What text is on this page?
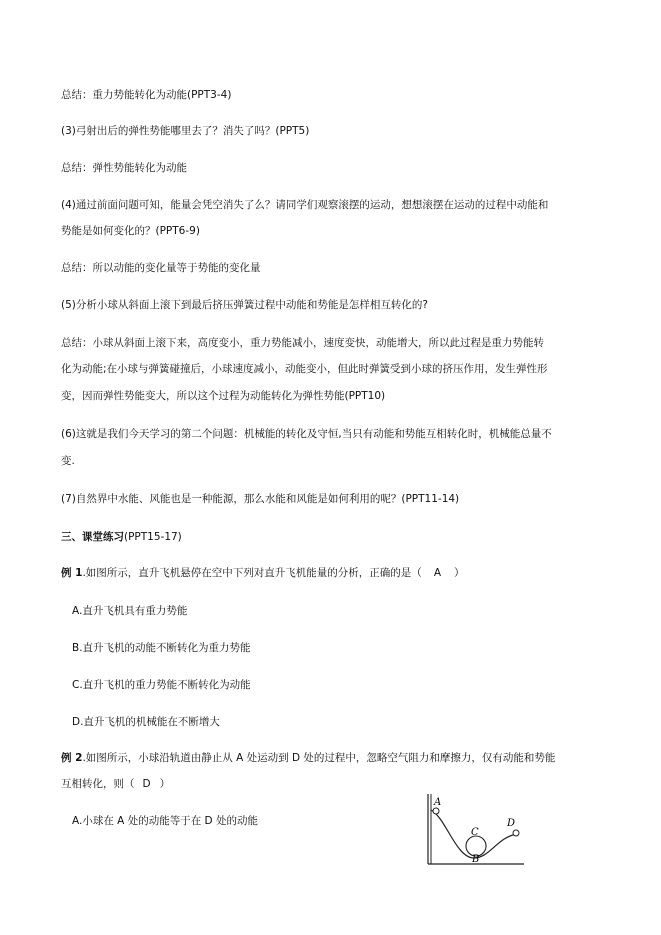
总结：重力势能转化为动能(PPT3-4)
(3)弓射出后的弹性势能哪里去了？消失了吗？(PPT5)
总结：弹性势能转化为动能
(4)通过前面问题可知，能量会凭空消失了么？请同学们观察滚摆的运动，想想滚摆在运动的过程中动能和
势能是如何变化的？(PPT6-9)
总结：所以动能的变化量等于势能的变化量
(5)分析小球从斜面上滚下到最后挤压弹簧过程中动能和势能是怎样相互转化的?
总结：小球从斜面上滚下来，高度变小，重力势能减小，速度变快，动能增大，所以此过程是重力势能转
化为动能;在小球与弹簧碰撞后，小球速度减小，动能变小，但此时弹簧受到小球的挤压作用，发生弹性形
变，因而弹性势能变大，所以这个过程为动能转化为弹性势能(PPT10)
(6)这就是我们今天学习的第二个问题：机械能的转化及守恒,当只有动能和势能互相转化时，机械能总量不
变.
(7)自然界中水能、风能也是一种能源，那么水能和风能是如何利用的呢？(PPT11-14)
三、课堂练习(PPT15-17)
例 1.如图所示，直升飞机悬停在空中下列对直升飞机能量的分析，正确的是（ A ）
A.直升飞机具有重力势能
B.直升飞机的动能不断转化为重力势能
C.直升飞机的重力势能不断转化为动能
D.直升飞机的机械能在不断增大
例 2.如图所示，小球沿轨道由静止从 A 处运动到 D 处的过程中，忽略空气阻力和摩擦力，仅有动能和势能
互相转化，则（ D ）
A.小球在 A 处的动能等于在 D 处的动能
A
C
B
D
